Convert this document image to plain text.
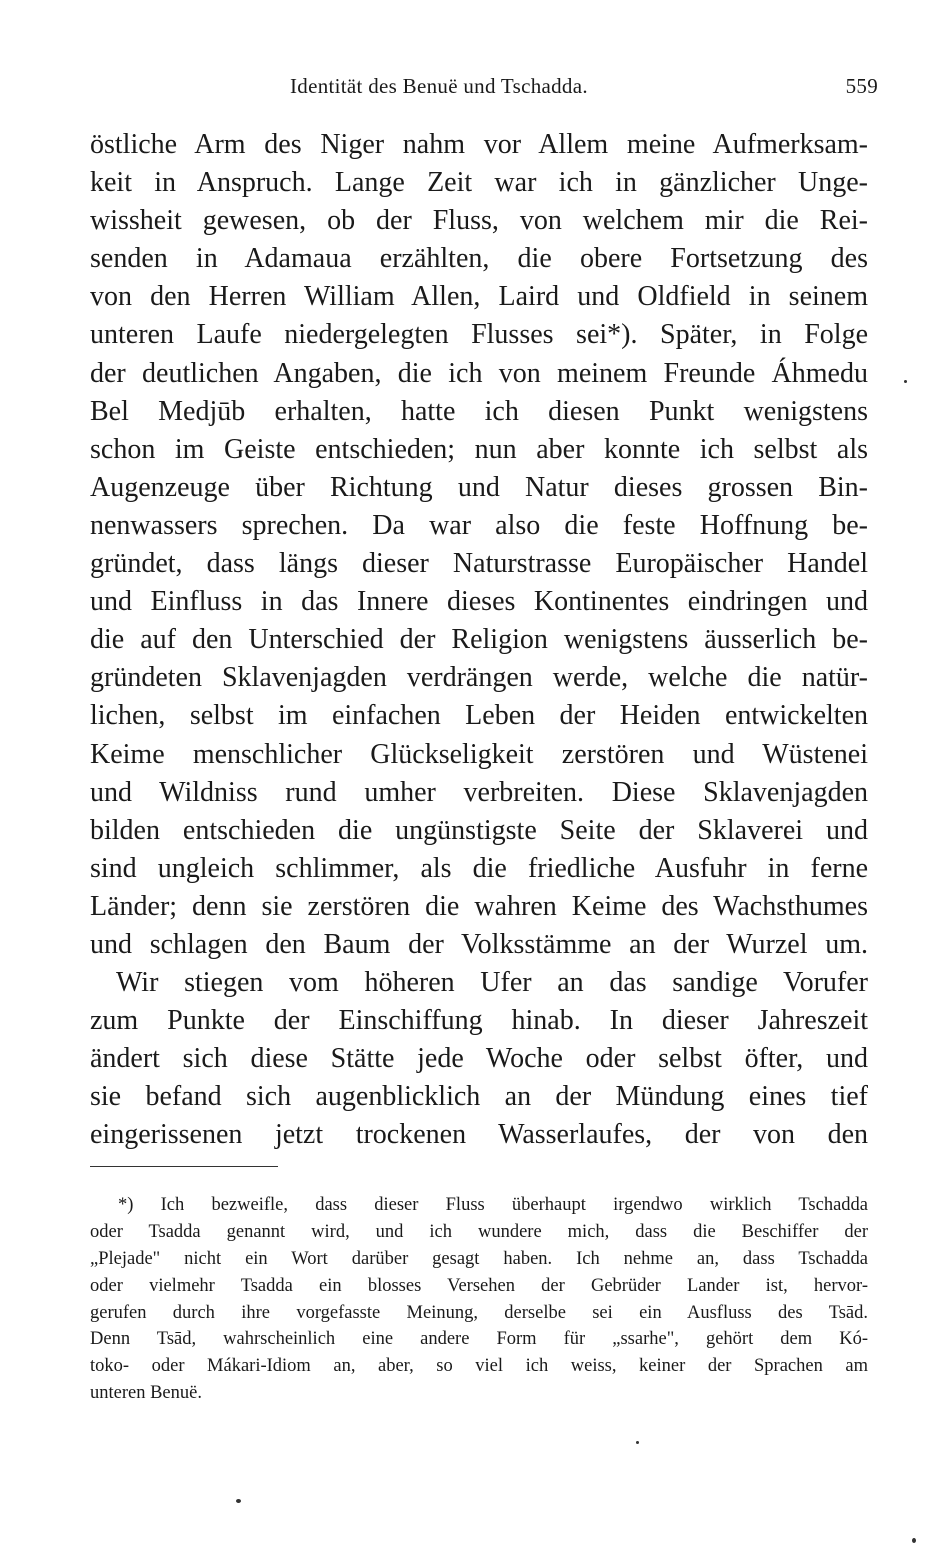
Identität des Benuë und Tschadda.	559
östliche Arm des Niger nahm vor Allem meine Aufmerksam-
keit in Anspruch. Lange Zeit war ich in gänzlicher Unge-
wissheit gewesen, ob der Fluss, von welchem mir die Rei-
senden in Adamaua erzählten, die obere Fortsetzung des
von den Herren William Allen, Laird und Oldfield in seinem
unteren Laufe niedergelegten Flusses sei*). Später, in Folge
der deutlichen Angaben, die ich von meinem Freunde Áhmedu
Bel Medjūb erhalten, hatte ich diesen Punkt wenigstens
schon im Geiste entschieden; nun aber konnte ich selbst als
Augenzeuge über Richtung und Natur dieses grossen Bin-
nenwassers sprechen. Da war also die feste Hoffnung be-
gründet, dass längs dieser Naturstrasse Europäischer Handel
und Einfluss in das Innere dieses Kontinentes eindringen und
die auf den Unterschied der Religion wenigstens äusserlich be-
gründeten Sklavenjagden verdrängen werde, welche die natür-
lichen, selbst im einfachen Leben der Heiden entwickelten
Keime menschlicher Glückseligkeit zerstören und Wüstenei
und Wildniss rund umher verbreiten. Diese Sklavenjagden
bilden entschieden die ungünstigste Seite der Sklaverei und
sind ungleich schlimmer, als die friedliche Ausfuhr in ferne
Länder; denn sie zerstören die wahren Keime des Wachsthumes
und schlagen den Baum der Volksstämme an der Wurzel um.
Wir stiegen vom höheren Ufer an das sandige Vorufer
zum Punkte der Einschiffung hinab. In dieser Jahreszeit
ändert sich diese Stätte jede Woche oder selbst öfter, und
sie befand sich augenblicklich an der Mündung eines tief
eingerissenen jetzt trockenen Wasserlaufes, der von den
*) Ich bezweifle, dass dieser Fluss überhaupt irgendwo wirklich Tschadda
oder Tsadda genannt wird, und ich wundere mich, dass die Beschiffer der
„Plejade" nicht ein Wort darüber gesagt haben. Ich nehme an, dass Tschadda
oder vielmehr Tsadda ein blosses Versehen der Gebrüder Lander ist, hervor-
gerufen durch ihre vorgefasste Meinung, derselbe sei ein Ausfluss des Tsād.
Denn Tsād, wahrscheinlich eine andere Form für „ssarhe", gehört dem Kó-
toko- oder Mákari-Idiom an, aber, so viel ich weiss, keiner der Sprachen am
unteren Benuë.
